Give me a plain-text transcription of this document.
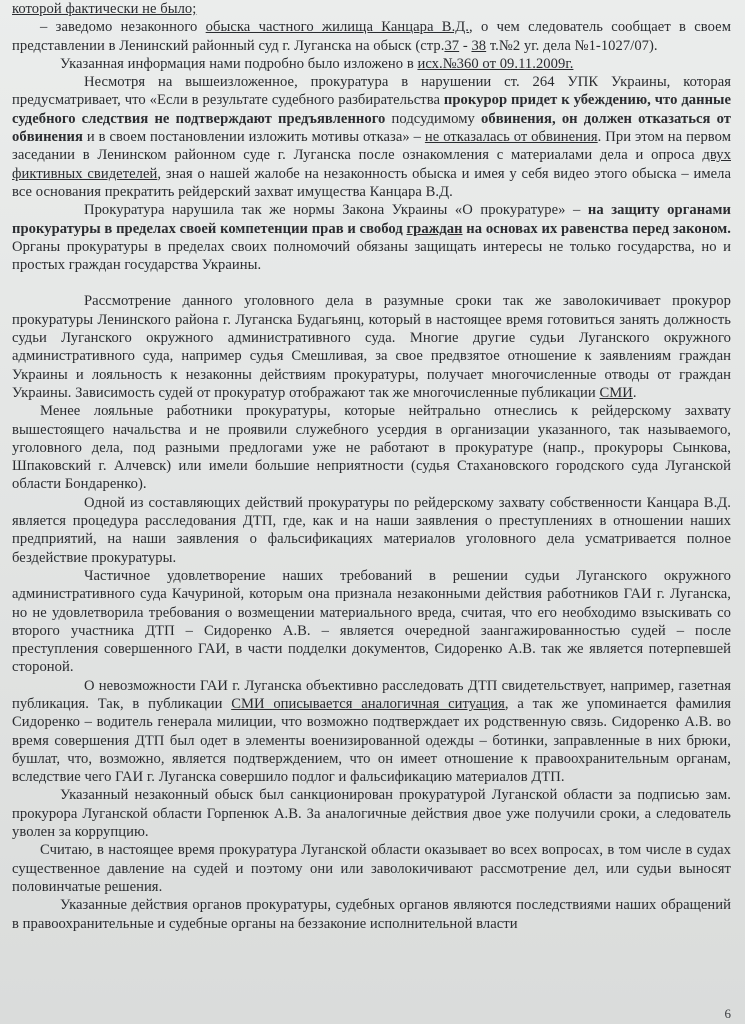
которой фактически не было;

– заведомо незаконного обыска частного жилища Канцара В.Д., о чем следователь сообщает в своем представлении в Ленинский районный суд г. Луганска на обыск (стр.37 - 38 т.№2 уг. дела №1-1027/07).

Указанная информация нами подробно было изложено в исх.№360 от 09.11.2009г.

Несмотря на вышеизложенное, прокуратура в нарушении ст. 264 УПК Украины, которая предусматривает, что «Если в результате судебного разбирательства прокурор придет к убеждению, что данные судебного следствия не подтверждают предъявленного подсудимому обвинения, он должен отказаться от обвинения и в своем постановлении изложить мотивы отказа» – не отказалась от обвинения. При этом на первом заседании в Ленинском районном суде г. Луганска после ознакомления с материалами дела и опроса двух фиктивных свидетелей, зная о нашей жалобе на незаконность обыска и имея у себя видео этого обыска – имела все основания прекратить рейдерский захват имущества Канцара В.Д.

Прокуратура нарушила так же нормы Закона Украины «О прокуратуре» – на защиту органами прокуратуры в пределах своей компетенции прав и свобод граждан на основах их равенства перед законом. Органы прокуратуры в пределах своих полномочий обязаны защищать интересы не только государства, но и простых граждан государства Украины.

Рассмотрение данного уголовного дела в разумные сроки так же заволокичивает прокурор прокуратуры Ленинского района г. Луганска Будагьянц, который в настоящее время готовиться занять должность судьи Луганского окружного административного суда. Многие другие судьи Луганского окружного административного суда, например судья Смешливая, за свое предвзятое отношение к заявлениям граждан Украины и лояльность к незаконны действиям прокуратуры, получает многочисленные отводы от граждан Украины. Зависимость судей от прокуратур отображают так же многочисленные публикации СМИ.

Менее лояльные работники прокуратуры, которые нейтрально отнеслись к рейдерскому захвату вышестоящего начальства и не проявили служебного усердия в организации указанного, так называемого, уголовного дела, под разными предлогами уже не работают в прокуратуре (напр., прокуроры Сынкова, Шпаковский г. Алчевск) или имели большие неприятности (судья Стахановского городского суда Луганской области Бондаренко).

Одной из составляющих действий прокуратуры по рейдерскому захвату собственности Канцара В.Д. является процедура расследования ДТП, где, как и на наши заявления о преступлениях в отношении наших предприятий, на наши заявления о фальсификациях материалов уголовного дела усматривается полное бездействие прокуратуры.

Частичное удовлетворение наших требований в решении судьи Луганского окружного административного суда Качуриной, которым она признала незаконными действия работников ГАИ г. Луганска, но не удовлетворила требования о возмещении материального вреда, считая, что его необходимо взыскивать со второго участника ДТП – Сидоренко А.В. – является очередной заангажированностью судей – после преступления совершенного ГАИ, в части подделки документов, Сидоренко А.В. так же является потерпевшей стороной.

О невозможности ГАИ г. Луганска объективно расследовать ДТП свидетельствует, например, газетная публикация. Так, в публикации СМИ описывается аналогичная ситуация, а так же упоминается фамилия Сидоренко – водитель генерала милиции, что возможно подтверждает их родственную связь. Сидоренко А.В. во время совершения ДТП был одет в элементы военизированной одежды – ботинки, заправленные в них брюки, бушлат, что, возможно, является подтверждением, что он имеет отношение к правоохранительным органам, вследствие чего ГАИ г. Луганска совершило подлог и фальсификацию материалов ДТП.

Указанный незаконный обыск был санкционирован прокуратурой Луганской области за подписью зам. прокурора Луганской области Горпенюк А.В. За аналогичные действия двое уже получили сроки, а следователь уволен за коррупцию.

Считаю, в настоящее время прокуратура Луганской области оказывает во всех вопросах, в том числе в судах существенное давление на судей и поэтому они или заволокичивают рассмотрение дел, или судьи выносят половинчатые решения.

Указанные действия органов прокуратуры, судебных органов являются последствиями наших обращений в правоохранительные и судебные органы на беззаконие исполнительной власти

6
